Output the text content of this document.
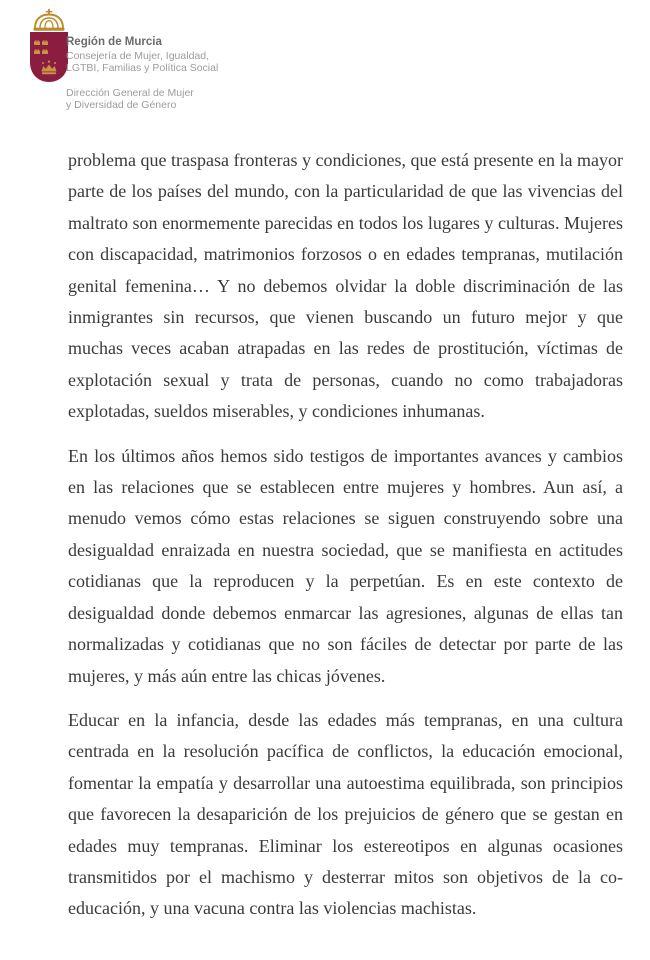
Región de Murcia

Consejería de Mujer, Igualdad,

LGTBI, Familias y Política Social

Dirección General de Mujer

y Diversidad de Género

problema que traspasa fronteras y condiciones, que está presente en la mayor parte de los países del mundo, con la particularidad de que las vivencias del maltrato son enormemente parecidas en todos los lugares y culturas. Mujeres con discapacidad, matrimonios forzosos o en edades tempranas, mutilación genital femenina… Y no debemos olvidar la doble discriminación de las inmigrantes sin recursos, que vienen buscando un futuro mejor y que muchas veces acaban atrapadas en las redes de prostitución, víctimas de explotación sexual y trata de personas, cuando no como trabajadoras explotadas, sueldos miserables, y condiciones inhumanas.

En los últimos años hemos sido testigos de importantes avances y cambios en las relaciones que se establecen entre mujeres y hombres. Aun así, a menudo vemos cómo estas relaciones se siguen construyendo sobre una desigualdad enraizada en nuestra sociedad, que se manifiesta en actitudes cotidianas que la reproducen y la perpetúan. Es en este contexto de desigualdad donde debemos enmarcar las agresiones, algunas de ellas tan normalizadas y cotidianas que no son fáciles de detectar por parte de las mujeres, y más aún entre las chicas jóvenes.

Educar en la infancia, desde las edades más tempranas, en una cultura centrada en la resolución pacífica de conflictos, la educación emocional, fomentar la empatía y desarrollar una autoestima equilibrada, son principios que favorecen la desaparición de los prejuicios de género que se gestan en edades muy tempranas. Eliminar los estereotipos en algunas ocasiones transmitidos por el machismo y desterrar mitos son objetivos de la co-educación, y una vacuna contra las violencias machistas.
